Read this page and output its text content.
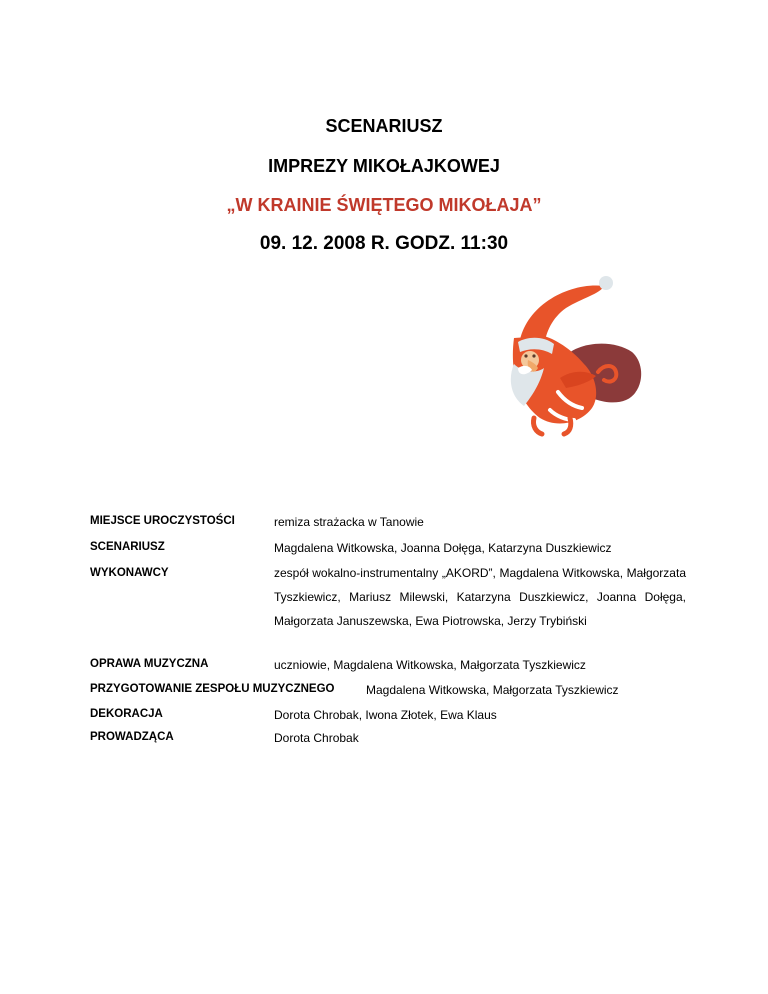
SCENARIUSZ
IMPREZY MIKOŁAJKOWEJ
„W KRAINIE ŚWIĘTEGO MIKOŁAJA”
09. 12. 2008 R. GODZ. 11:30
MIEJSCE UROCZYSTOŚCI	remiza strażacka w Tanowie
SCENARIUSZ	Magdalena Witkowska, Joanna Dołęga, Katarzyna Duszkiewicz
WYKONAWCY	zespół wokalno-instrumentalny „AKORD”, Magdalena Witkowska, Małgorzata Tyszkiewicz, Mariusz Milewski, Katarzyna Duszkiewicz, Joanna Dołęga, Małgorzata Januszewska, Ewa Piotrowska, Jerzy Trybiński
OPRAWA MUZYCZNA	uczniowie, Magdalena Witkowska, Małgorzata Tyszkiewicz
PRZYGOTOWANIE ZESPOŁU MUZYCZNEGO	Magdalena Witkowska, Małgorzata Tyszkiewicz
DEKORACJA	Dorota Chrobak, Iwona Złotek, Ewa Klaus
PROWADZĄCA	Dorota Chrobak
